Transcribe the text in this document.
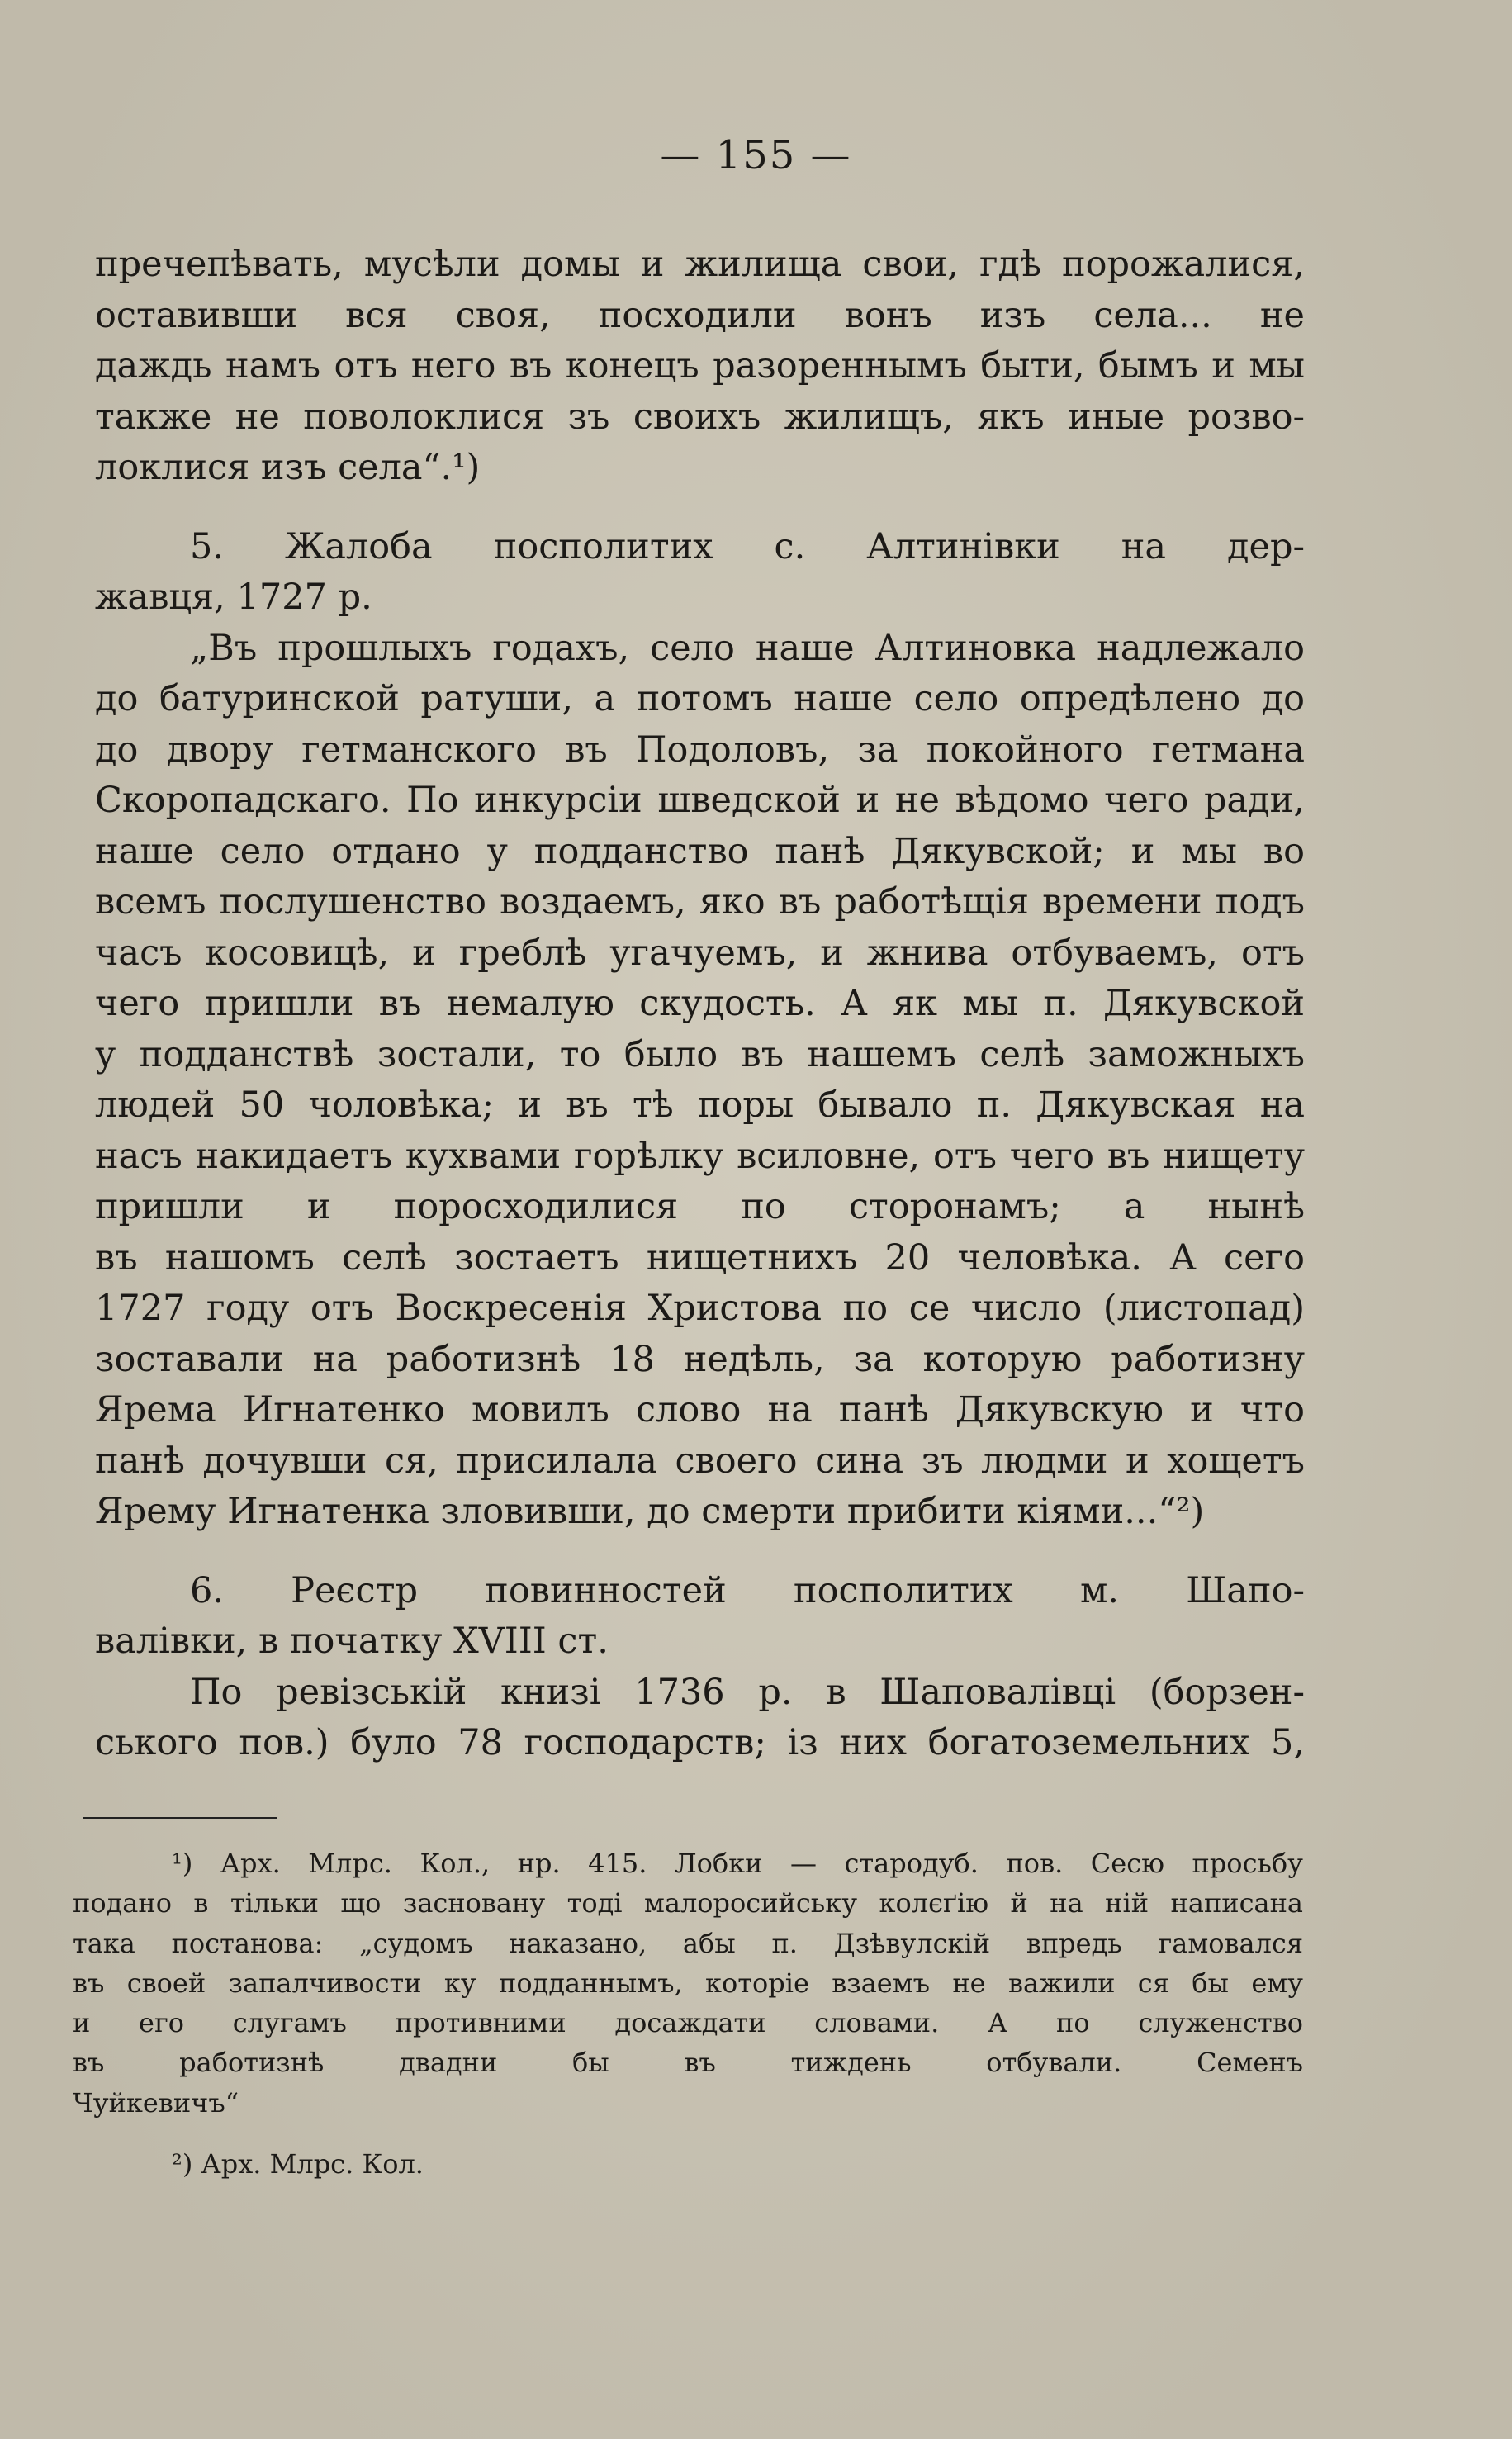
— 155 —
пречепѣвать, мусѣли домы и жилища свои, гдѣ порожалися,
оставивши вся своя, посходили вонъ изъ села... не
даждь намъ отъ него въ конецъ разореннымъ быти, бымъ и мы
также не поволоклися зъ своихъ жилищъ, якъ иные розво-
локлися изъ села“.¹)
5. Жалоба посполитих с. Алтинівки на дер-
жавця, 1727 р.
„Въ прошлыхъ годахъ, село наше Алтиновка надлежало
до батуринской ратуши, а потомъ наше село опредѣлено до
до двору гетманского въ Подоловъ, за покойного гетмана
Скоропадскаго. По инкурсіи шведской и не вѣдомо чего ради,
наше село отдано у подданство панѣ Дякувской; и мы во
всемъ послушенство воздаемъ, яко въ работѣщія времени подъ
часъ косовицѣ, и греблѣ угачуемъ, и жнива отбуваемъ, отъ
чего пришли въ немалую скудость. А як мы п. Дякувской
у подданствѣ зостали, то было въ нашемъ селѣ заможныхъ
людей 50 чоловѣка; и въ тѣ поры бывало п. Дякувская на
насъ накидаетъ кухвами горѣлку всиловне, отъ чего въ нищету
пришли и поросходилися по сторонамъ; а нынѣ
въ нашомъ селѣ зостаетъ нищетнихъ 20 человѣка. А сего
1727 году отъ Воскресенія Христова по се число (листопад)
зоставали на работизнѣ 18 недѣль, за которую работизну
Ярема Игнатенко мовилъ слово на панѣ Дякувскую и что
панѣ дочувши ся, присилала своего сина зъ людми и хощетъ
Ярему Игнатенка зловивши, до смерти прибити кіями...“²)
6. Реєстр повинностей посполитих м. Шапо-
валівки, в початку XVIII ст.
По ревізській книзі 1736 р. в Шаповалівці (борзен-
ського пов.) було 78 господарств; із них богатоземельних 5,
¹) Арх. Млрс. Кол., нр. 415. Лобки — стародуб. пов. Сесю просьбу
подано в тільки що заcновану тоді малоросийську колєґію й на ній написана
така постанова: „судомъ наказано, абы п. Дзѣвулскій впредь гамовался
въ своей запалчивости ку подданнымъ, которіе взаемъ не важили ся бы ему
и его слугамъ противними досаждати словами. А по служенство
въ работизнѣ двадни бы въ тиждень отбували. Семенъ
Чуйкевичъ“
²) Арх. Млрс. Кол.
